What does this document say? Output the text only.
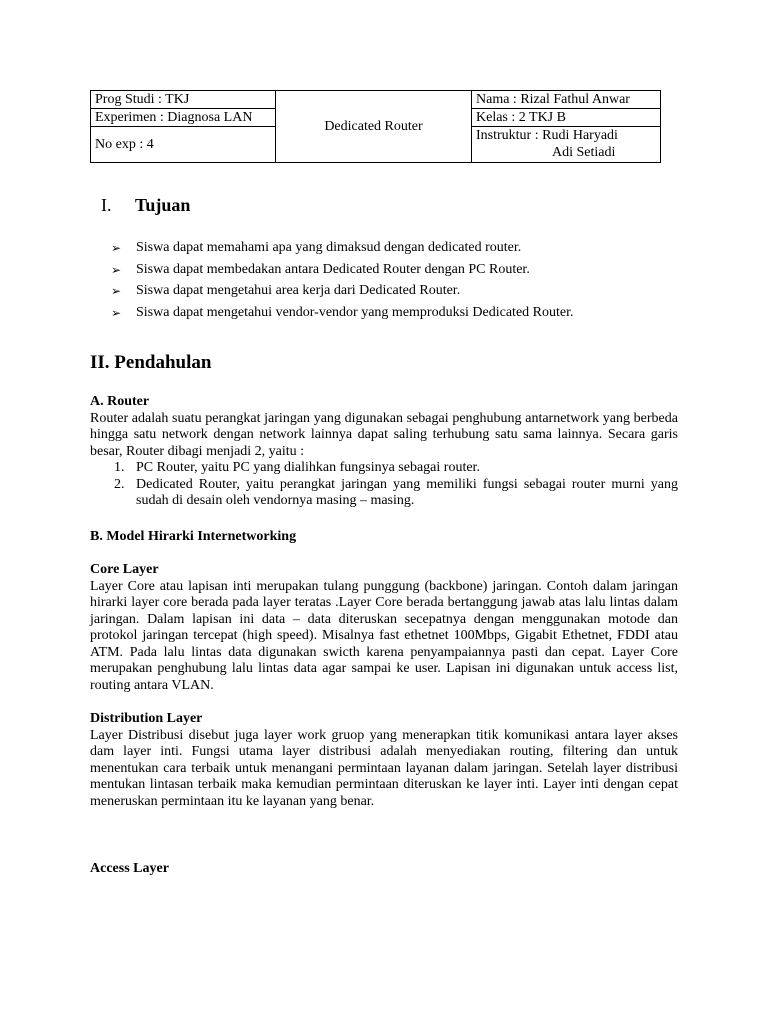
Prog Studi : TKJ	Dedicated Router	Nama : Rizal Fathul Anwar
Experimen : Diagnosa LAN		Kelas : 2 TKJ B
No exp : 4		Instruktur : Rudi Haryadi
Adi Setiadi
I. Tujuan
➢	Siswa dapat memahami apa yang dimaksud dengan dedicated router.
➢	Siswa dapat membedakan antara Dedicated Router dengan PC Router.
➢	Siswa dapat mengetahui area kerja dari Dedicated Router.
➢	Siswa dapat mengetahui vendor-vendor yang memproduksi Dedicated Router.
II. Pendahulan
A. Router
Router adalah suatu perangkat jaringan yang digunakan sebagai penghubung antarnetwork yang berbeda hingga satu network dengan network lainnya dapat saling terhubung satu sama lainnya. Secara garis besar, Router dibagi menjadi 2, yaitu :
1. PC Router, yaitu PC yang dialihkan fungsinya sebagai router.
2. Dedicated Router, yaitu perangkat jaringan yang memiliki fungsi sebagai router murni yang sudah di desain oleh vendornya masing – masing.
B. Model Hirarki Internetworking
Core Layer
Layer Core atau lapisan inti merupakan tulang punggung (backbone) jaringan. Contoh dalam jaringan hirarki layer core berada pada layer teratas .Layer Core berada bertanggung jawab atas lalu lintas dalam jaringan. Dalam lapisan ini data – data diteruskan secepatnya dengan menggunakan motode dan protokol jaringan tercepat (high speed). Misalnya fast ethetnet 100Mbps, Gigabit Ethetnet, FDDI atau ATM. Pada lalu lintas data digunakan swicth karena penyampaiannya pasti dan cepat. Layer Core merupakan penghubung lalu lintas data agar sampai ke user. Lapisan ini digunakan untuk access list, routing antara VLAN.
Distribution Layer
Layer Distribusi disebut juga layer work gruop yang menerapkan titik komunikasi antara layer akses dam layer inti. Fungsi utama layer distribusi adalah menyediakan routing, filtering dan untuk menentukan cara terbaik untuk menangani permintaan layanan dalam jaringan. Setelah layer distribusi mentukan lintasan terbaik maka kemudian permintaan diteruskan ke layer inti. Layer inti dengan cepat meneruskan permintaan itu ke layanan yang benar.
Access Layer
